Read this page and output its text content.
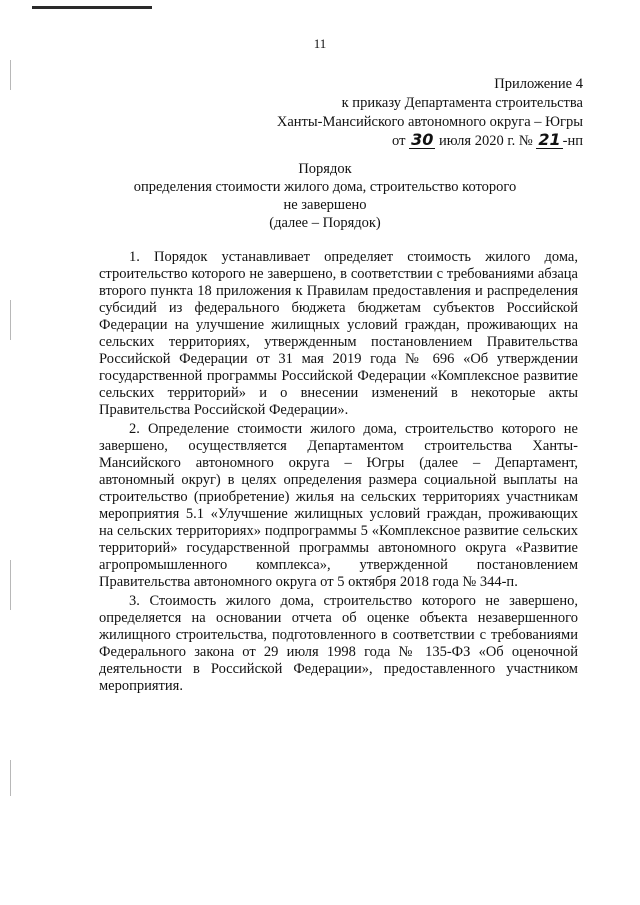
11
Приложение 4
к приказу Департамента строительства
Ханты-Мансийского автономного округа – Югры
от 30 июля 2020 г. № 21 -нп
Порядок
определения стоимости жилого дома, строительство которого
не завершено
(далее – Порядок)

1. Порядок устанавливает определяет стоимость жилого дома, строительство которого не завершено, в соответствии с требованиями абзаца второго пункта 18 приложения к Правилам предоставления и распределения субсидий из федерального бюджета бюджетам субъектов Российской Федерации на улучшение жилищных условий граждан, проживающих на сельских территориях, утвержденным постановлением Правительства Российской Федерации от 31 мая 2019 года № 696 «Об утверждении государственной программы Российской Федерации «Комплексное развитие сельских территорий» и о внесении изменений в некоторые акты Правительства Российской Федерации».

2. Определение стоимости жилого дома, строительство которого не завершено, осуществляется Департаментом строительства Ханты-Мансийского автономного округа – Югры (далее – Департамент, автономный округ) в целях определения размера социальной выплаты на строительство (приобретение) жилья на сельских территориях участникам мероприятия 5.1 «Улучшение жилищных условий граждан, проживающих на сельских территориях» подпрограммы 5 «Комплексное развитие сельских территорий» государственной программы автономного округа «Развитие агропромышленного комплекса», утвержденной постановлением Правительства автономного округа от 5 октября 2018 года № 344-п.

3. Стоимость жилого дома, строительство которого не завершено, определяется на основании отчета об оценке объекта незавершенного жилищного строительства, подготовленного в соответствии с требованиями Федерального закона от 29 июля 1998 года № 135-ФЗ «Об оценочной деятельности в Российской Федерации», предоставленного участником мероприятия.
